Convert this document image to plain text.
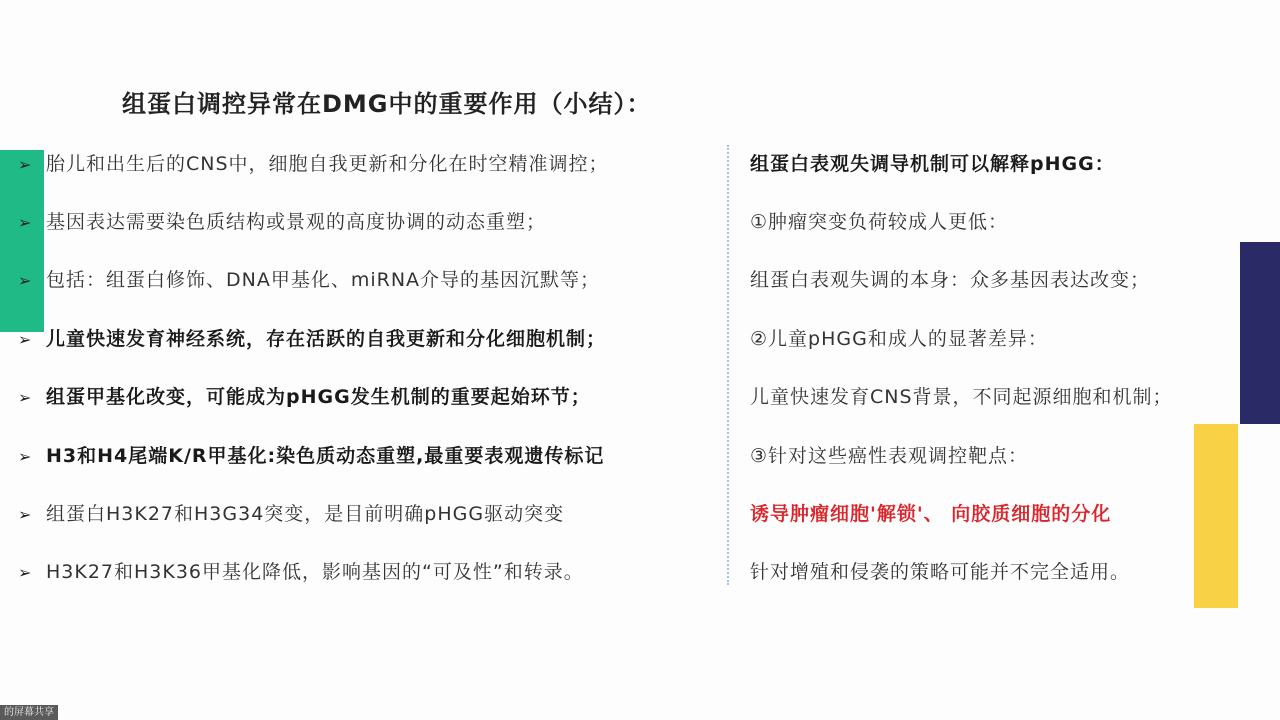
组蛋白调控异常在DMG中的重要作用（小结）：
➢ 胎儿和出生后的CNS中，细胞自我更新和分化在时空精准调控；
➢ 基因表达需要染色质结构或景观的高度协调的动态重塑；
➢ 包括：组蛋白修饰、DNA甲基化、miRNA介导的基因沉默等；
➢ 儿童快速发育神经系统，存在活跃的自我更新和分化细胞机制；
➢ 组蛋甲基化改变，可能成为pHGG发生机制的重要起始环节；
➢ H3和H4尾端K/R甲基化:染色质动态重塑,最重要表观遗传标记
➢ 组蛋白H3K27和H3G34突变，是目前明确pHGG驱动突变
➢ H3K27和H3K36甲基化降低，影响基因的“可及性”和转录。
组蛋白表观失调导机制可以解释pHGG：
①肿瘤突变负荷较成人更低：
组蛋白表观失调的本身：众多基因表达改变；
②儿童pHGG和成人的显著差异：
儿童快速发育CNS背景，不同起源细胞和机制；
③针对这些癌性表观调控靶点：
诱导肿瘤细胞'解锁'、 向胶质细胞的分化
针对增殖和侵袭的策略可能并不完全适用。
的屏幕共享
